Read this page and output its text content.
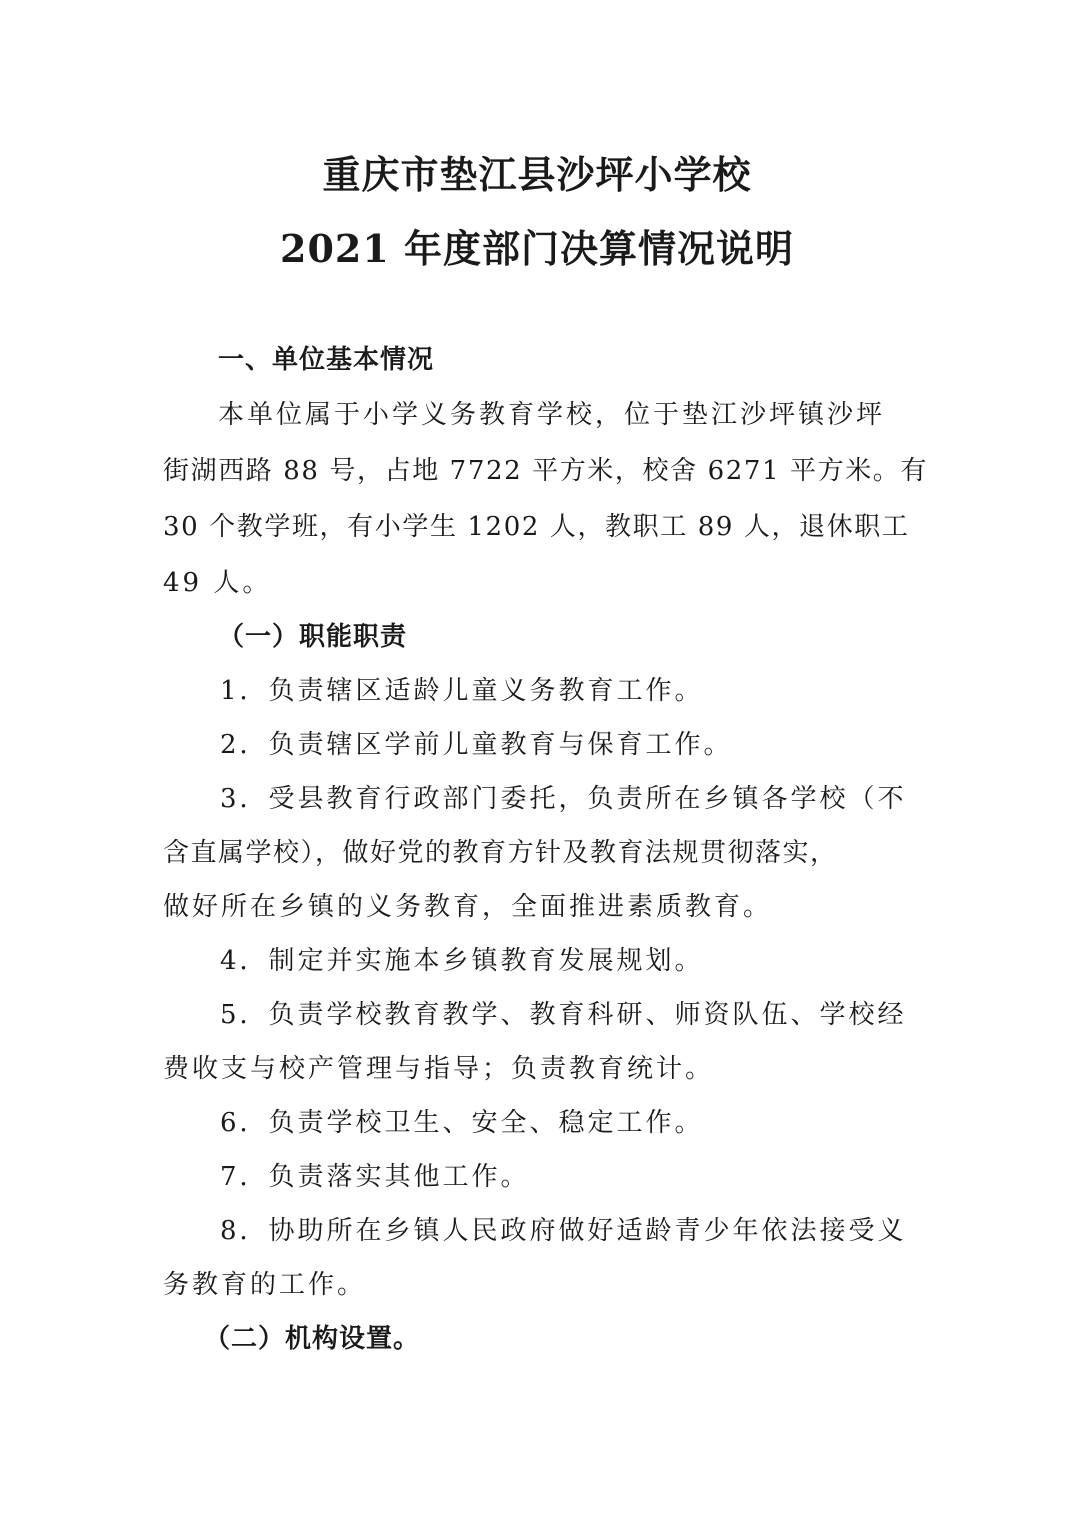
重庆市垫江县沙坪小学校
2021 年度部门决算情况说明
一、单位基本情况
本单位属于小学义务教育学校，位于垫江沙坪镇沙坪
街湖西路 88 号，占地 7722 平方米，校舍 6271 平方米。有
30 个教学班，有小学生 1202 人，教职工 89 人，退休职工
49 人。
（一）职能职责
1．负责辖区适龄儿童义务教育工作。
2．负责辖区学前儿童教育与保育工作。
3．受县教育行政部门委托，负责所在乡镇各学校（不
含直属学校），做好党的教育方针及教育法规贯彻落实，
做好所在乡镇的义务教育，全面推进素质教育。
4．制定并实施本乡镇教育发展规划。
5．负责学校教育教学、教育科研、师资队伍、学校经
费收支与校产管理与指导；负责教育统计。
6．负责学校卫生、安全、稳定工作。
7．负责落实其他工作。
8．协助所在乡镇人民政府做好适龄青少年依法接受义
务教育的工作。
（二）机构设置。
